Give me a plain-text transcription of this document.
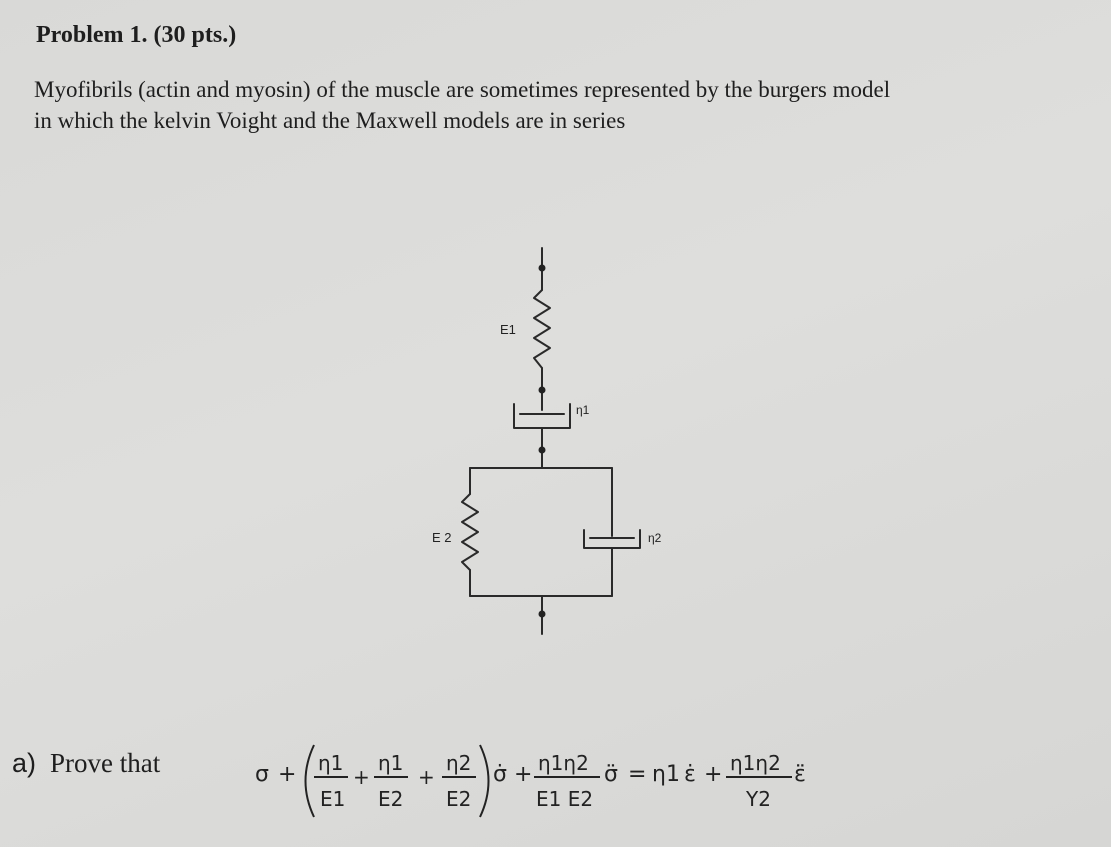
Problem 1. (30 pts.)
Myofibrils (actin and myosin) of the muscle are sometimes represented by the burgers model
in which the kelvin Voight and the Maxwell models are in series
E1
η1
E 2	η2
a) Prove that	σ + η1
E1
+
η1
E2
+
η2
E2
σ̇ + η1η2
E1 E2
σ̈ = η1 ε̇ + η1η2
Y2
ε̈
